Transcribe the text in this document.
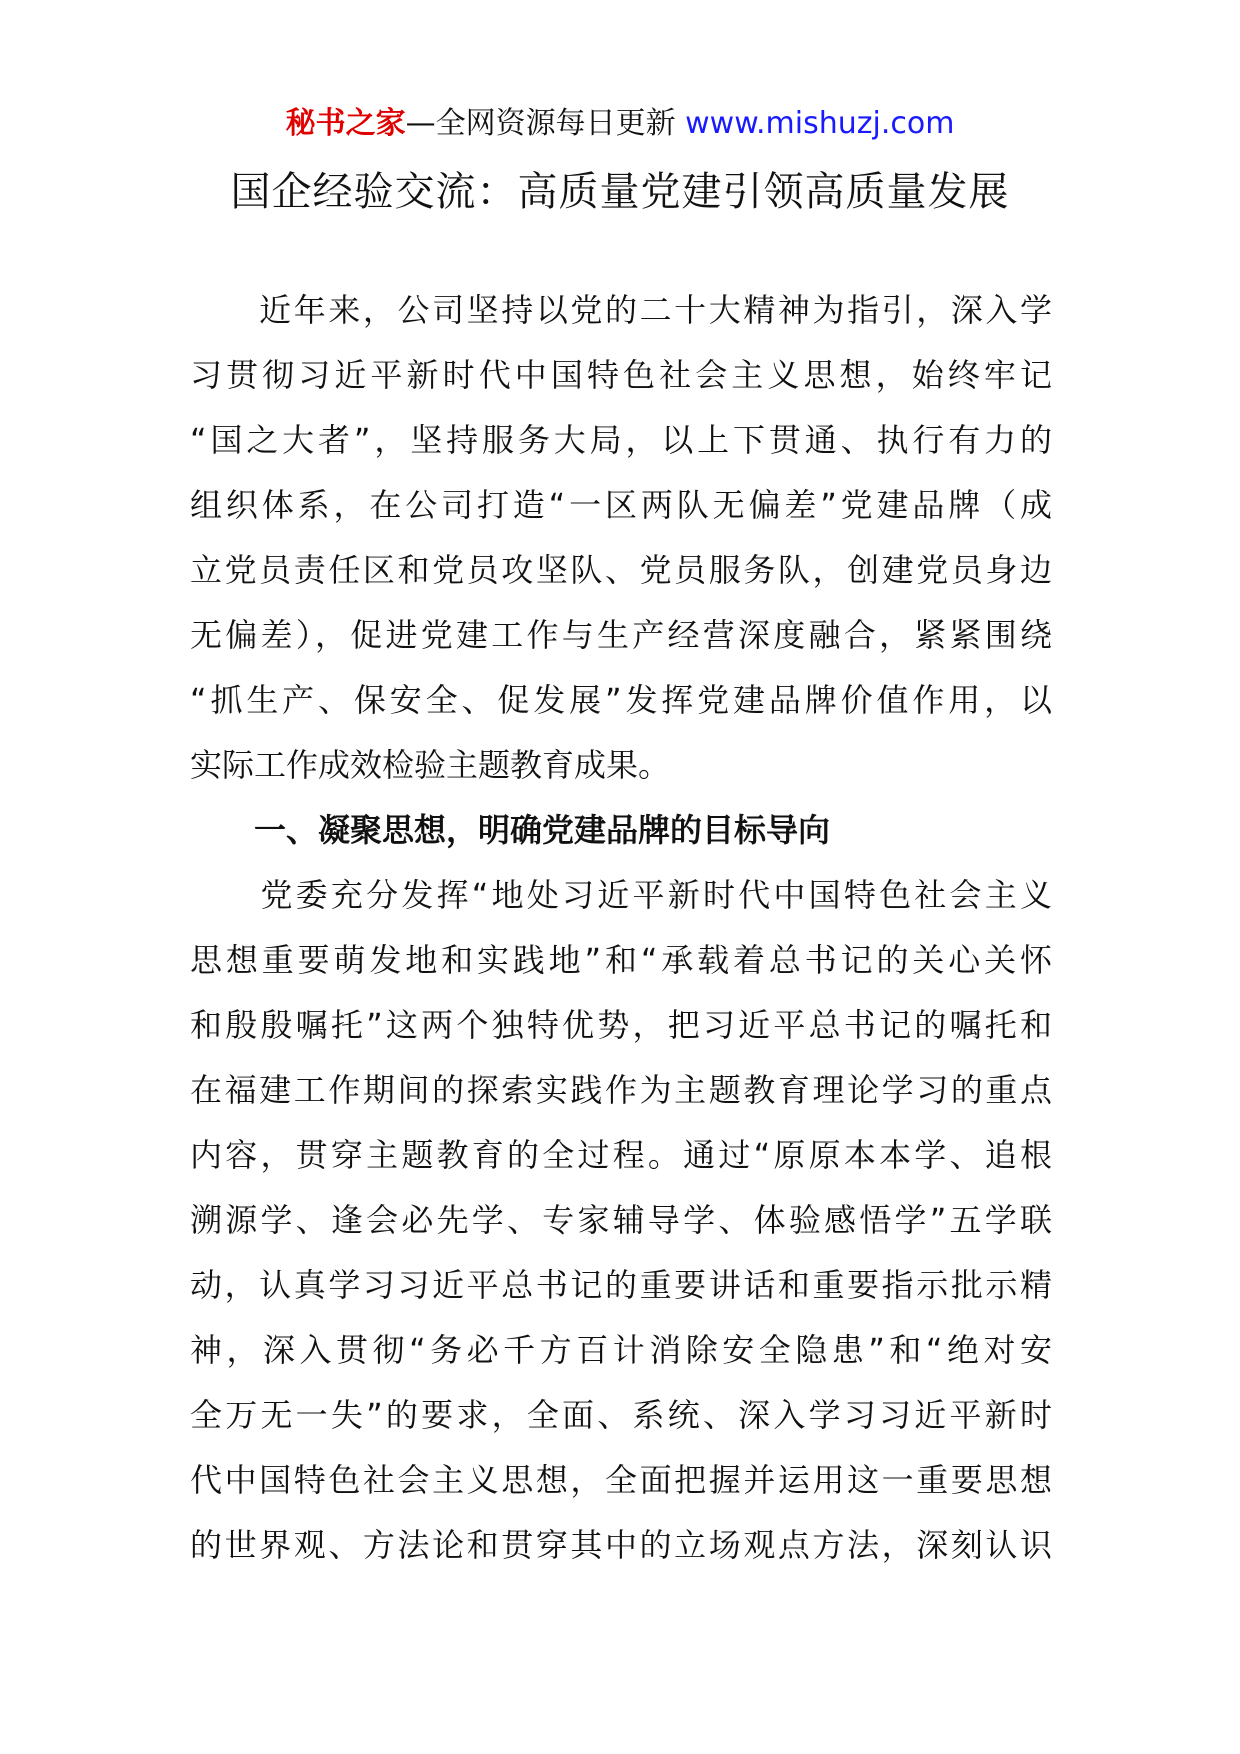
秘书之家—全网资源每日更新 www.mishuzj.com
国企经验交流：高质量党建引领高质量发展
　　近年来，公司坚持以党的二十大精神为指引，深入学
习贯彻习近平新时代中国特色社会主义思想，始终牢记
“国之大者”，坚持服务大局，以上下贯通、执行有力的
组织体系，在公司打造“一区两队无偏差”党建品牌（成
立党员责任区和党员攻坚队、党员服务队，创建党员身边
无偏差），促进党建工作与生产经营深度融合，紧紧围绕
“抓生产、保安全、促发展”发挥党建品牌价值作用，以
实际工作成效检验主题教育成果。
　　一、凝聚思想，明确党建品牌的目标导向
　　党委充分发挥“地处习近平新时代中国特色社会主义
思想重要萌发地和实践地”和“承载着总书记的关心关怀
和殷殷嘱托”这两个独特优势，把习近平总书记的嘱托和
在福建工作期间的探索实践作为主题教育理论学习的重点
内容，贯穿主题教育的全过程。通过“原原本本学、追根
溯源学、逢会必先学、专家辅导学、体验感悟学”五学联
动，认真学习习近平总书记的重要讲话和重要指示批示精
神，深入贯彻“务必千方百计消除安全隐患”和“绝对安
全万无一失”的要求，全面、系统、深入学习习近平新时
代中国特色社会主义思想，全面把握并运用这一重要思想
的世界观、方法论和贯穿其中的立场观点方法，深刻认识
